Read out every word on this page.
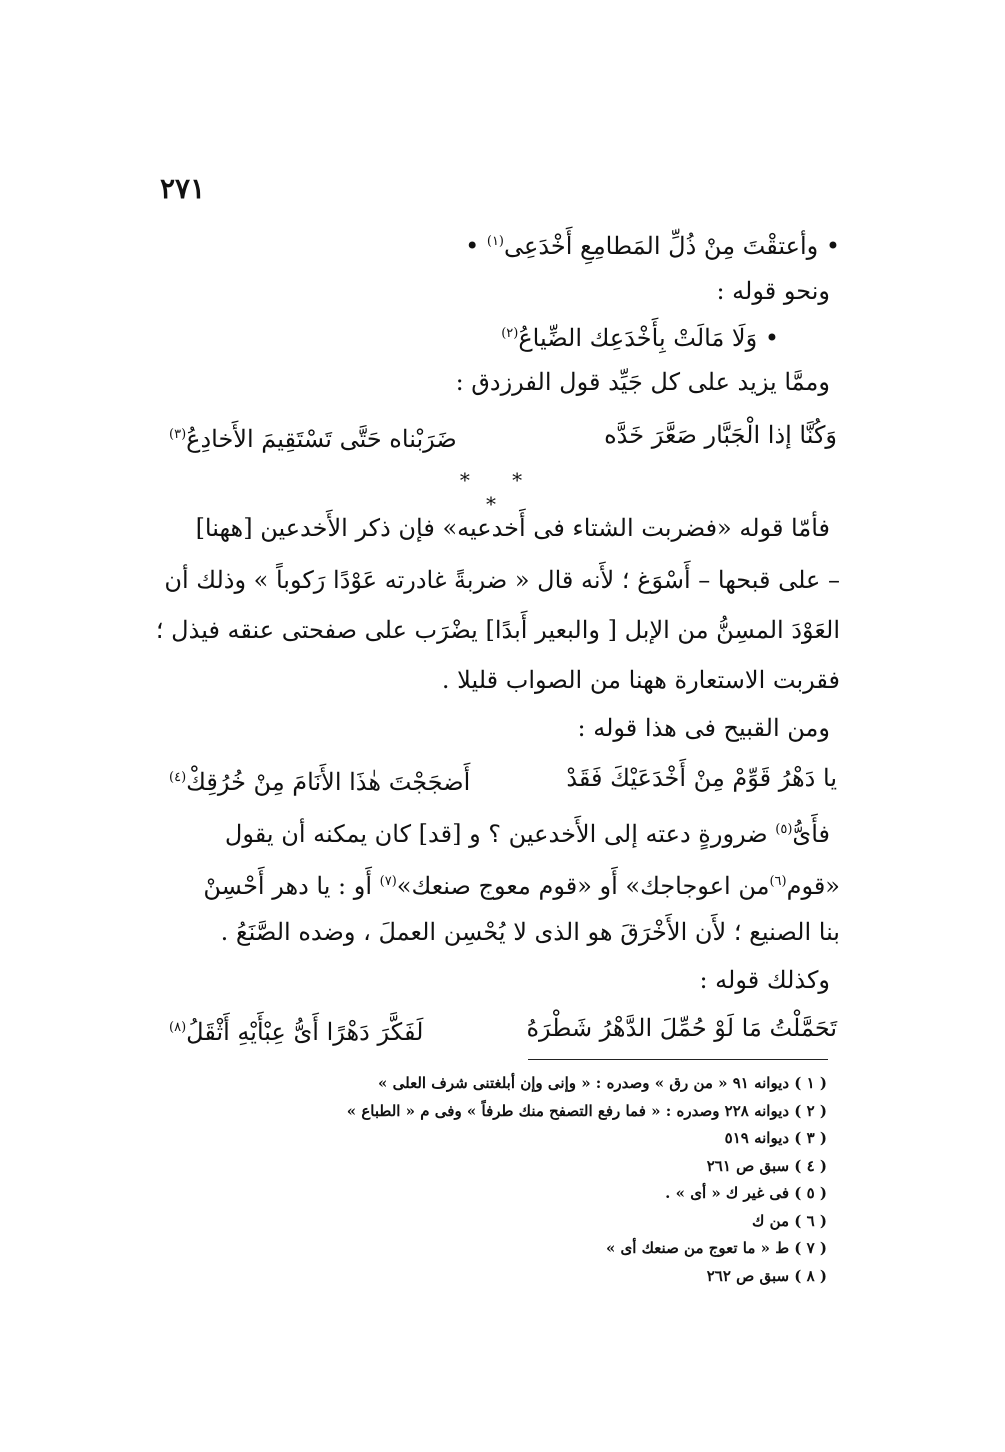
٢٧١
• وأعتقْتَ مِنْ ذُلِّ المَطامِعِ أَخْدَعِى$^{(١)}$ •
ونحو قوله :
• وَلَا مَالَتْ بِأَخْدَعِك الضِّياعُ$^{(٢)}$
وممَّا يزيد على كل جَيِّد قول الفرزدق :
وَكُنَّا إذا الْجَبَّار صَعَّرَ خَدَّه
ضَرَبْناه حَتَّى تَسْتَقِيمَ الأَخادِعُ$^{(٣)}$
* * *
فأمّا قوله «فضربت الشتاء فى أَخدعيه» فإن ذكر الأَخدعين [ههنا]
– على قبحها – أَسْوَغ ؛ لأَنه قال « ضربةً غادرته عَوْدًا رَكوباً » وذلك أن
العَوْدَ المسِنُّ من الإبل [ والبعير أَبدًا] يضْرَب على صفحتى عنقه فيذل ؛
فقربت الاستعارة ههنا من الصواب قليلا .
ومن القبيح فى هذا قوله :
يا دَهْرُ قَوِّمْ مِنْ أَخْدَعَيْكَ فَقَدْ
أَضجَجْتَ هٰذَا الأَنَامَ مِنْ خُرُقِكْ$^{(٤)}$
فأَىُّ$^{(٥)}$ ضرورةٍ دعته إلى الأَخدعين ؟ و [قد] كان يمكنه أن يقول
«قوم$^{(٦)}$من اعوجاجك» أَو «قوم معوج صنعك»$^{(٧)}$ أَو : يا دهر أَحْسِنْ
بنا الصنيع ؛ لأَن الأَخْرَقَ هو الذى لا يُحْسِن العملَ ، وضده الصَّنَعُ .
وكذلك قوله :
تَحَمَّلْتُ مَا لَوْ حُمِّلَ الدَّهْرُ شَطْرَهُ
لَفَكَّرَ دَهْرًا أَىُّ عِبْأَيْهِ أَثْقَلُ$^{(٨)}$
( ١ ) ديوانه ٩١ « من رق » وصدره : « وإنى وإن أبلغتنى شرف العلى »
( ٢ ) ديوانه ٢٢٨ وصدره : « فما رفع التصفح منك طرفاً » وفى م « الطباع »
( ٣ ) ديوانه ٥١٩
( ٤ ) سبق ص ٢٦١
( ٥ ) فى غير ك « أى » .
( ٦ ) من ك
( ٧ ) ط « ما تعوج من صنعك أى »
( ٨ ) سبق ص ٢٦٢
